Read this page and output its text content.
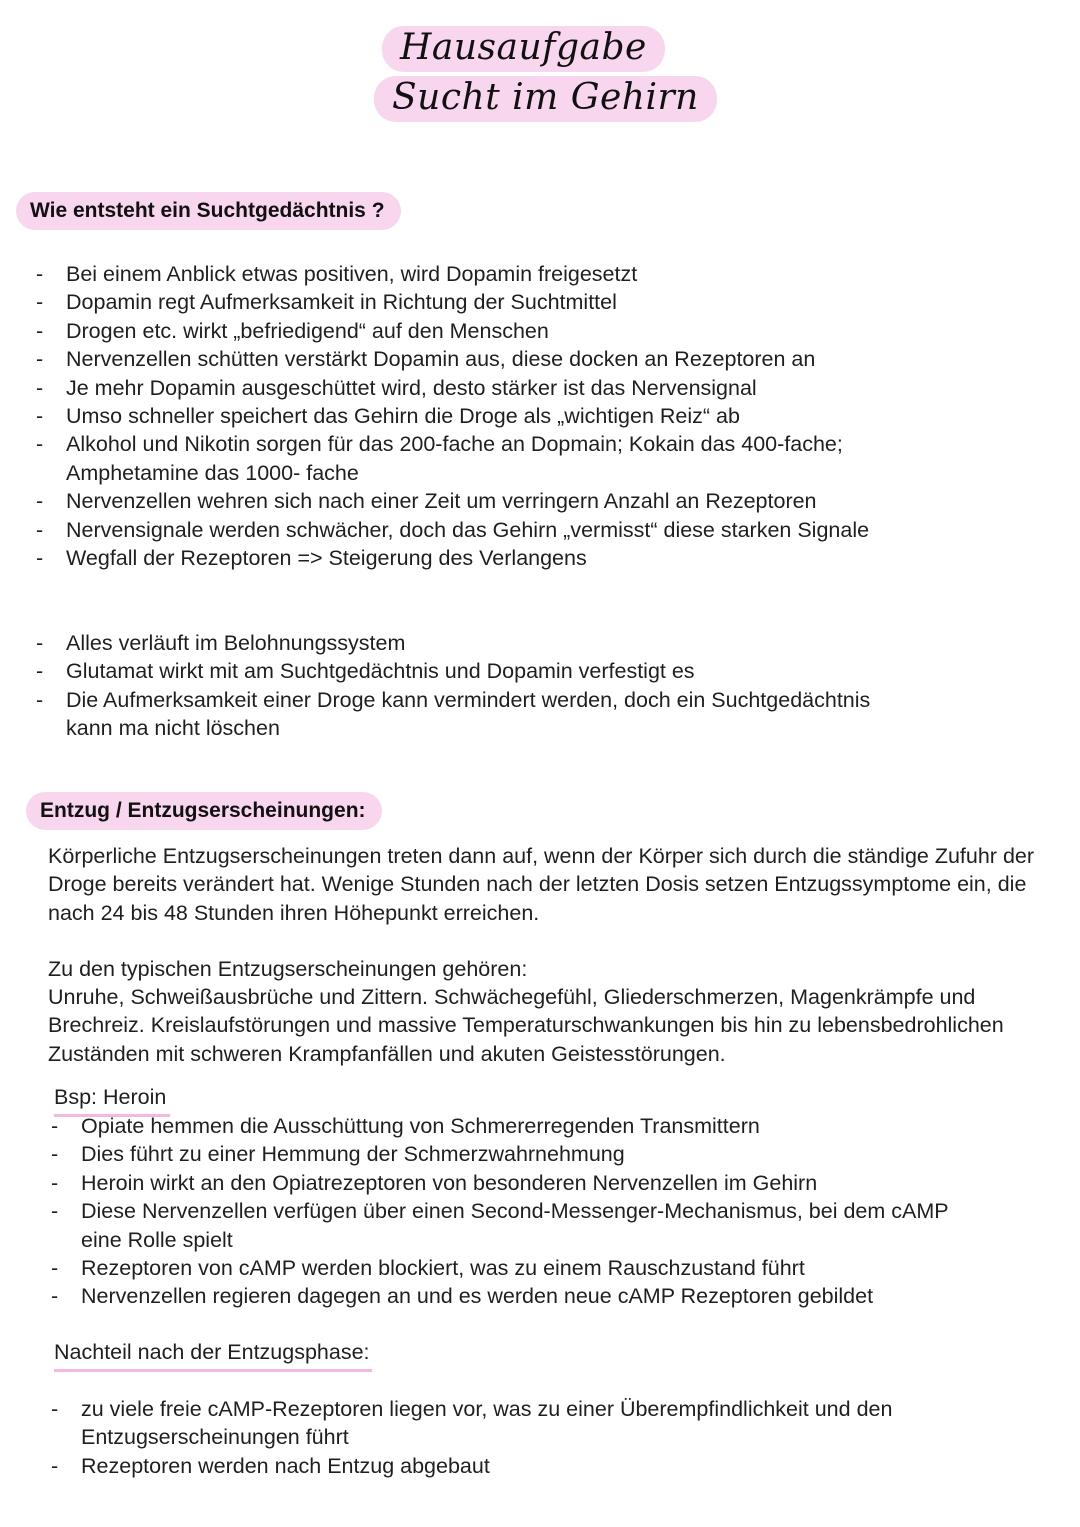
Hausaufgabe
Sucht im Gehirn
Wie entsteht ein Suchtgedächtnis ?
- Bei einem Anblick etwas positiven, wird Dopamin freigesetzt
- Dopamin regt Aufmerksamkeit in Richtung der Suchtmittel
- Drogen etc. wirkt „befriedigend“ auf den Menschen
- Nervenzellen schütten verstärkt Dopamin aus, diese docken an Rezeptoren an
- Je mehr Dopamin ausgeschüttet wird, desto stärker ist das Nervensignal
- Umso schneller speichert das Gehirn die Droge als „wichtigen Reiz“ ab
- Alkohol und Nikotin sorgen für das 200-fache an Dopmain; Kokain das 400-fache; Amphetamine das 1000- fache
- Nervenzellen wehren sich nach einer Zeit um verringern Anzahl an Rezeptoren
- Nervensignale werden schwächer, doch das Gehirn „vermisst“ diese starken Signale
- Wegfall der Rezeptoren => Steigerung des Verlangens
- Alles verläuft im Belohnungssystem
- Glutamat wirkt mit am Suchtgedächtnis und Dopamin verfestigt es
- Die Aufmerksamkeit einer Droge kann vermindert werden, doch ein Suchtgedächtnis kann ma nicht löschen
Entzug / Entzugserscheinungen:

Körperliche Entzugserscheinungen treten dann auf, wenn der Körper sich durch die ständige Zufuhr der Droge bereits verändert hat. Wenige Stunden nach der letzten Dosis setzen Entzugssymptome ein, die nach 24 bis 48 Stunden ihren Höhepunkt erreichen.

Zu den typischen Entzugserscheinungen gehören:

Unruhe, Schweißausbrüche und Zittern. Schwächegefühl, Gliederschmerzen, Magenkrämpfe und Brechreiz. Kreislaufstörungen und massive Temperaturschwankungen bis hin zu lebensbedrohlichen Zuständen mit schweren Krampfanfällen und akuten Geistesstörungen.

Bsp: Heroin
- Opiate hemmen die Ausschüttung von Schmererregenden Transmittern
- Dies führt zu einer Hemmung der Schmerzwahrnehmung
- Heroin wirkt an den Opiatrezeptoren von besonderen Nervenzellen im Gehirn
- Diese Nervenzellen verfügen über einen Second-Messenger-Mechanismus, bei dem cAMP eine Rolle spielt
- Rezeptoren von cAMP werden blockiert, was zu einem Rauschzustand führt
- Nervenzellen regieren dagegen an und es werden neue cAMP Rezeptoren gebildet
Nachteil nach der Entzugsphase:
- zu viele freie cAMP-Rezeptoren liegen vor, was zu einer Überempfindlichkeit und den Entzugserscheinungen führt
- Rezeptoren werden nach Entzug abgebaut
